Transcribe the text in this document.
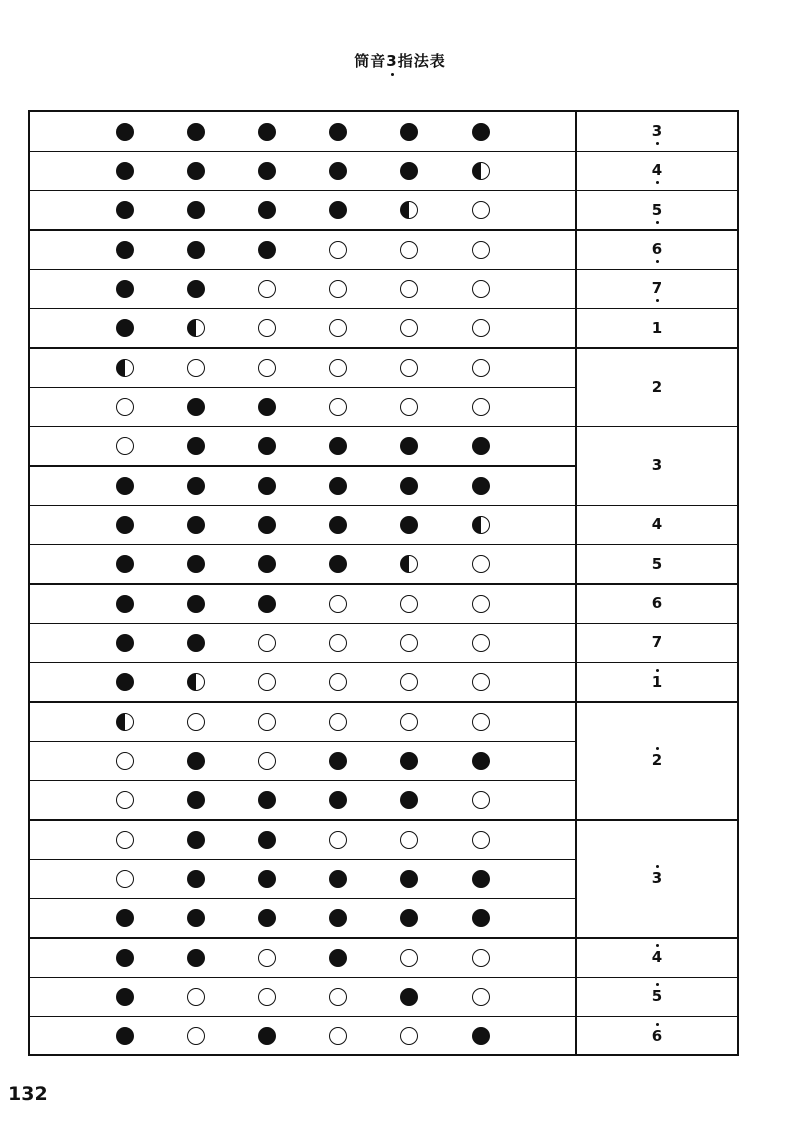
筒音3指法表
3
4
5
6
7
1
2
3
4
5
6
7
1
2
3
4
5
6
132
